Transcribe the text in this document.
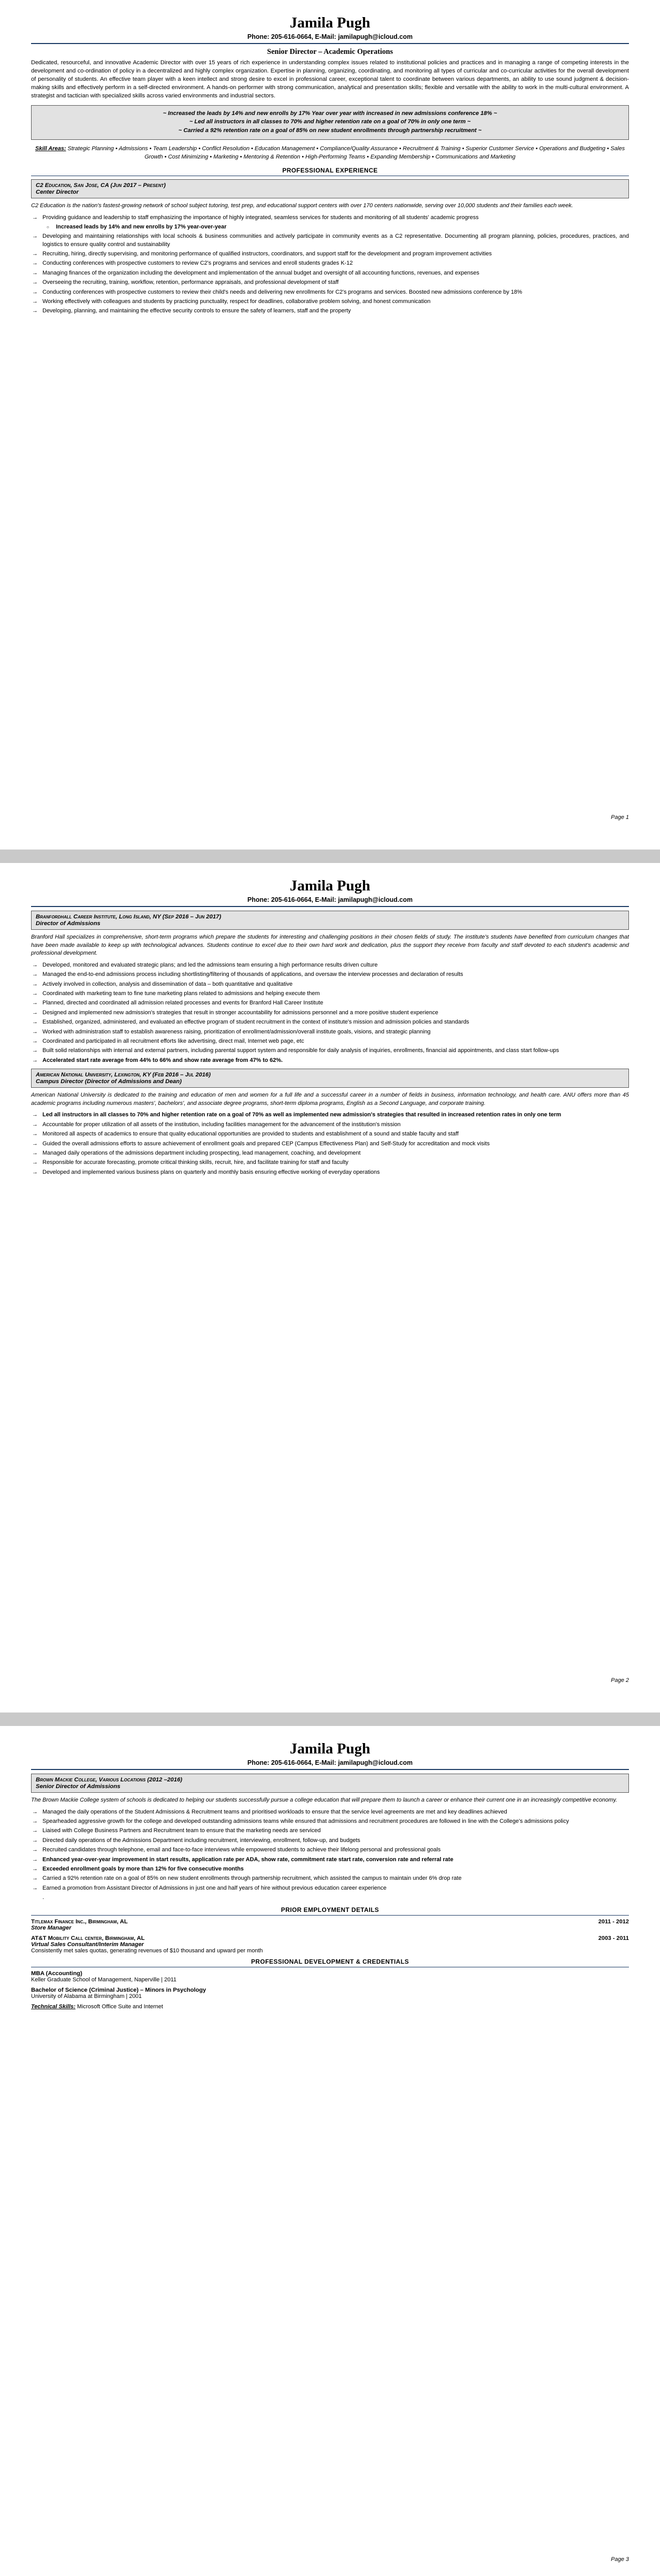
Jamila Pugh
Phone: 205-616-0664, E-Mail: jamilapugh@icloud.com
Senior Director – Academic Operations
Dedicated, resourceful, and innovative Academic Director with over 15 years of rich experience in understanding complex issues related to institutional policies and practices and in managing a range of competing interests in the development and co-ordination of policy in a decentralized and highly complex organization. Expertise in planning, organizing, coordinating, and monitoring all types of curricular and co-curricular activities for the overall development of personality of students. An effective team player with a keen intellect and strong desire to excel in professional career, exceptional talent to coordinate between various departments, an ability to use sound judgment & decision-making skills and effectively perform in a self-directed environment. A hands-on performer with strong communication, analytical and presentation skills; flexible and versatile with the ability to work in the multi-cultural environment. A strategist and tactician with specialized skills across varied environments and industrial sectors.
~ Increased the leads by 14% and new enrolls by 17% Year over year with increased in new admissions conference 18% ~
~ Led all instructors in all classes to 70% and higher retention rate on a goal of 70% in only one term ~
~ Carried a 92% retention rate on a goal of 85% on new student enrollments through partnership recruitment ~
Skill Areas: Strategic Planning • Admissions • Team Leadership • Conflict Resolution • Education Management • Compliance/Quality Assurance • Recruitment & Training • Superior Customer Service • Operations and Budgeting • Sales Growth • Cost Minimizing • Marketing • Mentoring & Retention • High-Performing Teams • Expanding Membership • Communications and Marketing
PROFESSIONAL EXPERIENCE
C2 Education, San Jose, CA (Jun 2017 – Present)
Center Director
C2 Education is the nation's fastest-growing network of school subject tutoring, test prep, and educational support centers with over 170 centers nationwide, serving over 10,000 students and their families each week.
→ Providing guidance and leadership to staff emphasizing the importance of highly integrated, seamless services for students and monitoring of all students' academic progress
○ Increased leads by 14% and new enrolls by 17% year-over-year
→ Developing and maintaining relationships with local schools & business communities and actively participate in community events as a C2 representative. Documenting all program planning, policies, procedures, practices, and logistics to ensure quality control and sustainability
→ Recruiting, hiring, directly supervising, and monitoring performance of qualified instructors, coordinators, and support staff for the development and program improvement activities
→ Conducting conferences with prospective customers to review C2's programs and services and enroll students grades K-12
→ Managing finances of the organization including the development and implementation of the annual budget and oversight of all accounting functions, revenues, and expenses
→ Overseeing the recruiting, training, workflow, retention, performance appraisals, and professional development of staff
→ Conducting conferences with prospective customers to review their child's needs and delivering new enrollments for C2's programs and services. Boosted new admissions conference by 18%
→ Working effectively with colleagues and students by practicing punctuality, respect for deadlines, collaborative problem solving, and honest communication
→ Developing, planning, and maintaining the effective security controls to ensure the safety of learners, staff and the property
Page 1
Jamila Pugh
Phone: 205-616-0664, E-Mail: jamilapugh@icloud.com
Branfordhall Career Institute, Long Island, NY (Sep 2016 – Jun 2017)
Director of Admissions
Branford Hall specializes in comprehensive, short-term programs which prepare the students for interesting and challenging positions in their chosen fields of study. The institute's students have benefited from curriculum changes that have been made available to keep up with technological advances. Students continue to excel due to their own hard work and dedication, plus the support they receive from faculty and staff devoted to each student's academic and professional development.
→ Developed, monitored and evaluated strategic plans; and led the admissions team ensuring a high performance results driven culture
→ Managed the end-to-end admissions process including shortlisting/filtering of thousands of applications, and oversaw the interview processes and declaration of results
→ Actively involved in collection, analysis and dissemination of data – both quantitative and qualitative
→ Coordinated with marketing team to fine tune marketing plans related to admissions and helping execute them
→ Planned, directed and coordinated all admission related processes and events for Branford Hall Career Institute
→ Designed and implemented new admission's strategies that result in stronger accountability for admissions personnel and a more positive student experience
→ Established, organized, administered, and evaluated an effective program of student recruitment in the context of institute's mission and admission policies and standards
→ Worked with administration staff to establish awareness raising, prioritization of enrollment/admission/overall institute goals, visions, and strategic planning
→ Coordinated and participated in all recruitment efforts like advertising, direct mail, Internet web page, etc
→ Built solid relationships with internal and external partners, including parental support system and responsible for daily analysis of inquiries, enrollments, financial aid appointments, and class start follow-ups
→ Accelerated start rate average from 44% to 66% and show rate average from 47% to 62%.
American National University, Lexington, KY (Feb 2016 – Jul 2016)
Campus Director (Director of Admissions and Dean)
American National University is dedicated to the training and education of men and women for a full life and a successful career in a number of fields in business, information technology, and health care. ANU offers more than 45 academic programs including numerous masters', bachelors', and associate degree programs, short-term diploma programs, English as a Second Language, and corporate training.
→ Led all instructors in all classes to 70% and higher retention rate on a goal of 70% as well as implemented new admission's strategies that resulted in increased retention rates in only one term
→ Accountable for proper utilization of all assets of the institution, including facilities management for the advancement of the institution's mission
→ Monitored all aspects of academics to ensure that quality educational opportunities are provided to students and establishment of a sound and stable faculty and staff
→ Guided the overall admissions efforts to assure achievement of enrollment goals and prepared CEP (Campus Effectiveness Plan) and Self-Study for accreditation and mock visits
→ Managed daily operations of the admissions department including prospecting, lead management, coaching, and development
→ Responsible for accurate forecasting, promote critical thinking skills, recruit, hire, and facilitate training for staff and faculty
→ Developed and implemented various business plans on quarterly and monthly basis ensuring effective working of everyday operations
Page 2
Jamila Pugh
Phone: 205-616-0664, E-Mail: jamilapugh@icloud.com
Brown Mackie College, Various Locations (2012 –2016)
Senior Director of Admissions
The Brown Mackie College system of schools is dedicated to helping our students successfully pursue a college education that will prepare them to launch a career or enhance their current one in an increasingly competitive economy.
→ Managed the daily operations of the Student Admissions & Recruitment teams and prioritised workloads to ensure that the service level agreements are met and key deadlines achieved
→ Spearheaded aggressive growth for the college and developed outstanding admissions teams while ensured that admissions and recruitment procedures are followed in line with the College's admissions policy
→ Liaised with College Business Partners and Recruitment team to ensure that the marketing needs are serviced
→ Directed daily operations of the Admissions Department including recruitment, interviewing, enrollment, follow-up, and budgets
→ Recruited candidates through telephone, email and face-to-face interviews while empowered students to achieve their lifelong personal and professional goals
→ Enhanced year-over-year improvement in start results, application rate per ADA, show rate, commitment rate start rate, conversion rate and referral rate
→ Exceeded enrollment goals by more than 12% for five consecutive months
→ Carried a 92% retention rate on a goal of 85% on new student enrollments through partnership recruitment, which assisted the campus to maintain under 6% drop rate
→ Earned a promotion from Assistant Director of Admissions in just one and half years of hire without previous education career experience
.
PRIOR EMPLOYMENT DETAILS
Titlemax Finance Inc., Birmingham, AL	2011 - 2012
Store Manager
AT&T Mobility Call center, Birmingham, AL	2003 - 2011
Virtual Sales Consultant/Interim Manager
Consistently met sales quotas, generating revenues of $10 thousand and upward per month
PROFESSIONAL DEVELOPMENT & CREDENTIALS
MBA (Accounting)
Keller Graduate School of Management, Naperville | 2011
Bachelor of Science (Criminal Justice) – Minors in Psychology
University of Alabama at Birmingham | 2001
Technical Skills: Microsoft Office Suite and Internet
Page 3
